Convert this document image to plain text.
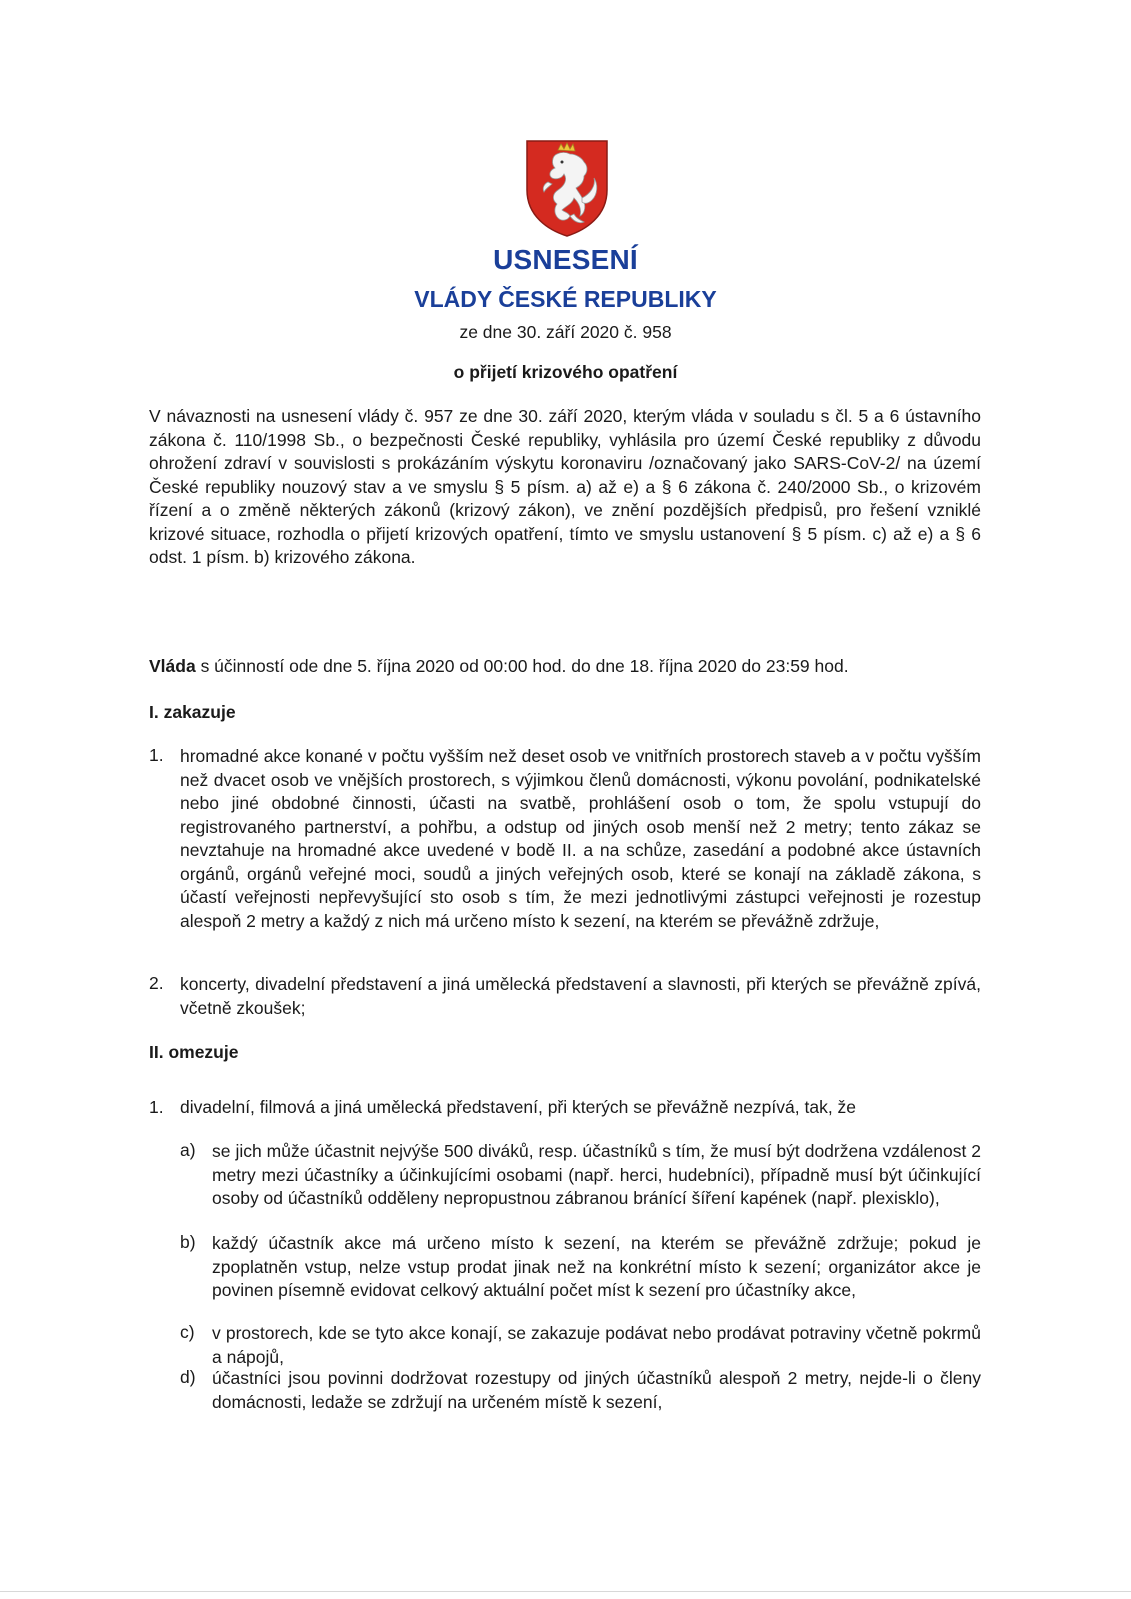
USNESENÍ
VLÁDY ČESKÉ REPUBLIKY
ze dne 30. září 2020 č. 958
o přijetí krizového opatření
V návaznosti na usnesení vlády č. 957 ze dne 30. září 2020, kterým vláda v souladu s čl. 5 a 6 ústavního zákona č. 110/1998 Sb., o bezpečnosti České republiky, vyhlásila pro území České republiky z důvodu ohrožení zdraví v souvislosti s prokázáním výskytu koronaviru /označovaný jako SARS-CoV-2/ na území České republiky nouzový stav a ve smyslu § 5 písm. a) až e) a § 6 zákona č. 240/2000 Sb., o krizovém řízení a o změně některých zákonů (krizový zákon), ve znění pozdějších předpisů, pro řešení vzniklé krizové situace, rozhodla o přijetí krizových opatření, tímto ve smyslu ustanovení § 5 písm. c) až e) a § 6 odst. 1 písm. b) krizového zákona.
Vláda s účinností ode dne 5. října 2020 od 00:00 hod. do dne 18. října 2020 do 23:59 hod.
I. zakazuje
1. hromadné akce konané v počtu vyšším než deset osob ve vnitřních prostorech staveb a v počtu vyšším než dvacet osob ve vnějších prostorech, s výjimkou členů domácnosti, výkonu povolání, podnikatelské nebo jiné obdobné činnosti, účasti na svatbě, prohlášení osob o tom, že spolu vstupují do registrovaného partnerství, a pohřbu, a odstup od jiných osob menší než 2 metry; tento zákaz se nevztahuje na hromadné akce uvedené v bodě II. a na schůze, zasedání a podobné akce ústavních orgánů, orgánů veřejné moci, soudů a jiných veřejných osob, které se konají na základě zákona, s účastí veřejnosti nepřevyšující sto osob s tím, že mezi jednotlivými zástupci veřejnosti je rozestup alespoň 2 metry a každý z nich má určeno místo k sezení, na kterém se převážně zdržuje,
2. koncerty, divadelní představení a jiná umělecká představení a slavnosti, při kterých se převážně zpívá, včetně zkoušek;
II. omezuje
1. divadelní, filmová a jiná umělecká představení, při kterých se převážně nezpívá, tak, že
a) se jich může účastnit nejvýše 500 diváků, resp. účastníků s tím, že musí být dodržena vzdálenost 2 metry mezi účastníky a účinkujícími osobami (např. herci, hudebníci), případně musí být účinkující osoby od účastníků odděleny nepropustnou zábranou bránící šíření kapének (např. plexisklo),
b) každý účastník akce má určeno místo k sezení, na kterém se převážně zdržuje; pokud je zpoplatněn vstup, nelze vstup prodat jinak než na konkrétní místo k sezení; organizátor akce je povinen písemně evidovat celkový aktuální počet míst k sezení pro účastníky akce,
c) v prostorech, kde se tyto akce konají, se zakazuje podávat nebo prodávat potraviny včetně pokrmů a nápojů,
d) účastníci jsou povinni dodržovat rozestupy od jiných účastníků alespoň 2 metry, nejde-li o členy domácnosti, ledaže se zdržují na určeném místě k sezení,
